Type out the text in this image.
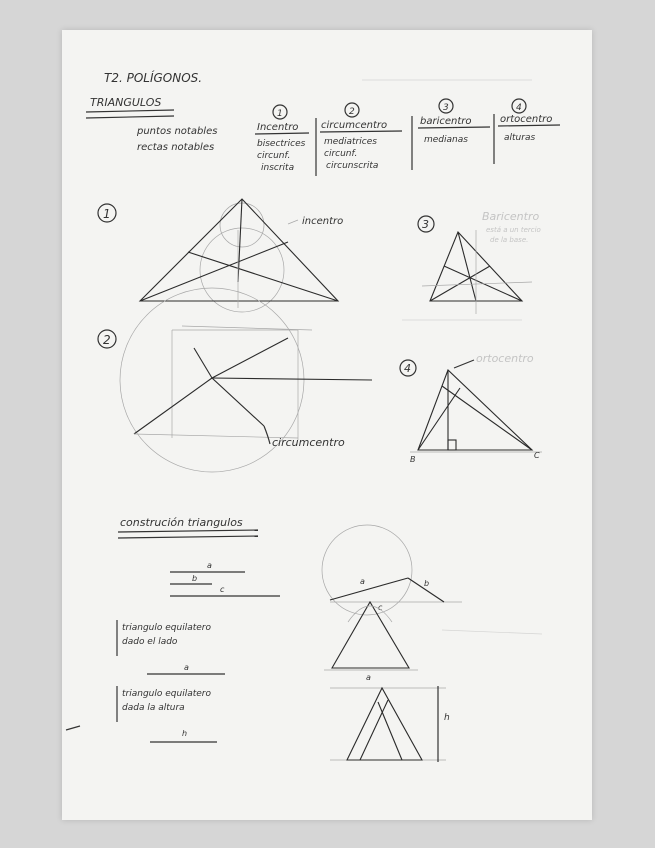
T2. POLÍGONOS.
TRIANGULOS
puntos notables
rectas notables
1
Incentro
bisectrices
circunf.
inscrita
2
circumcentro
mediatrices
circunf.
circunscrita
3
baricentro
medianas
4
ortocentro
alturas
1
incentro	3
Baricentro
está a un tercio
de la base.
2
circumcentro
4
ortocentro
B	C
construción triangulos
a
b
c
a	b
c
triangulo equilatero
dado el lado
a
a
triangulo equilatero
dada la altura
h
h
